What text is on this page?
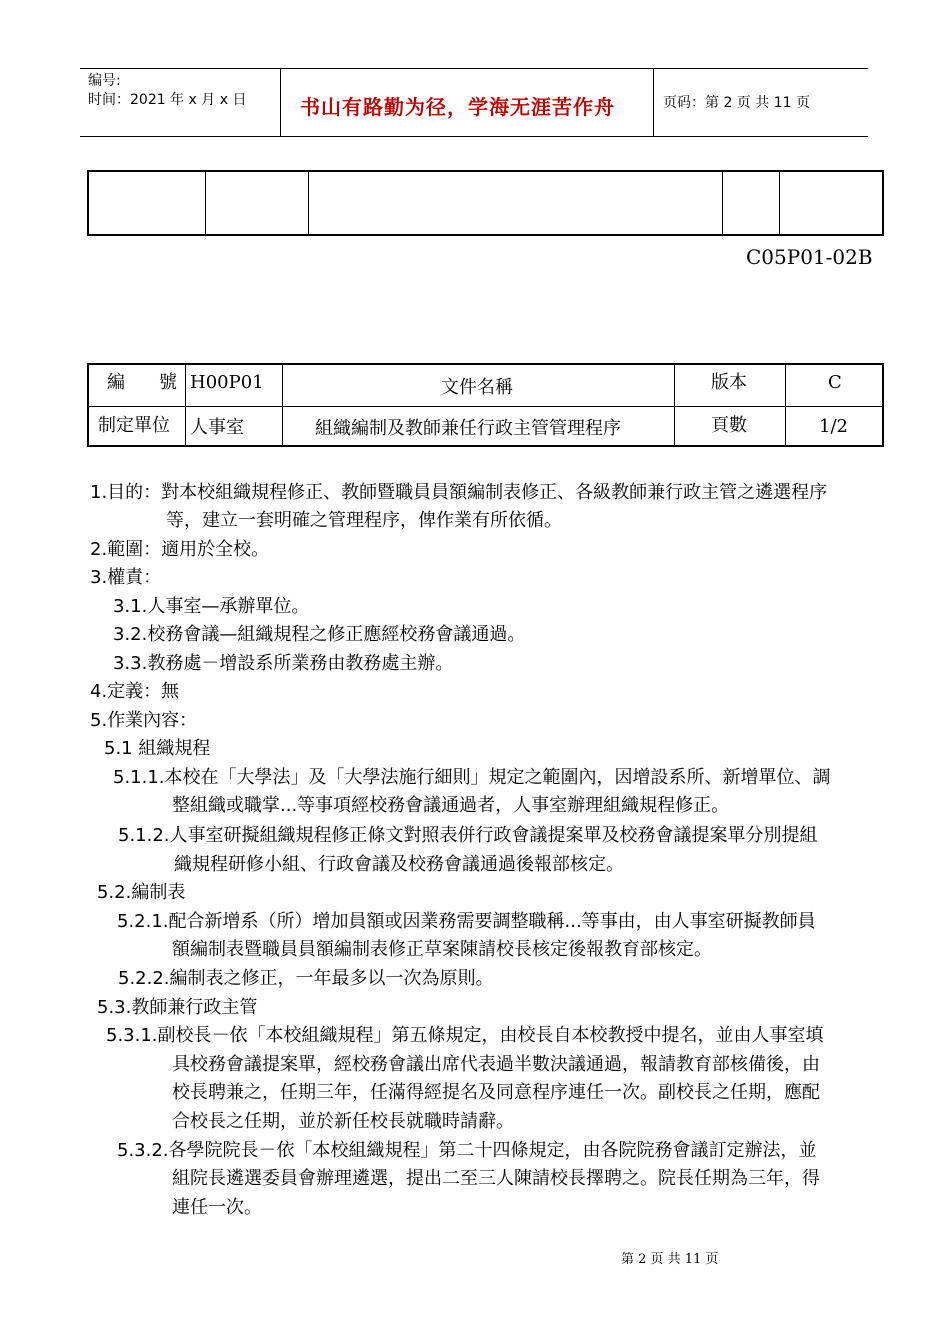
编号:
时间：2021 年 x 月 x 日	书山有路勤为径，学海无涯苦作舟	页码：第 2 页 共 11 页
C05P01-02B
編　號 H00P01	文件名稱	版本	C
制定單位 人事室	組織編制及教師兼任行政主管管理程序	頁數	1/2
1.目的：對本校組織規程修正、教師暨職員員額編制表修正、各級教師兼行政主管之遴選程序
等，建立一套明確之管理程序，俾作業有所依循。
2.範圍：適用於全校。
3.權責：
3.1.人事室—承辦單位。
3.2.校務會議—組織規程之修正應經校務會議通過。
3.3.教務處－增設系所業務由教務處主辦。
4.定義：無
5.作業內容：
5.1 組織規程
5.1.1.本校在「大學法」及「大學法施行細則」規定之範圍內，因增設系所、新增單位、調
整組織或職掌...等事項經校務會議通過者，人事室辦理組織規程修正。
5.1.2.人事室研擬組織規程修正條文對照表併行政會議提案單及校務會議提案單分別提組
織規程研修小組、行政會議及校務會議通過後報部核定。
5.2.編制表
5.2.1.配合新增系（所）增加員額或因業務需要調整職稱...等事由，由人事室研擬教師員
額編制表暨職員員額編制表修正草案陳請校長核定後報教育部核定。
5.2.2.編制表之修正，一年最多以一次為原則。
5.3.教師兼行政主管
5.3.1.副校長－依「本校組織規程」第五條規定，由校長自本校教授中提名，並由人事室填
具校務會議提案單，經校務會議出席代表過半數決議通過，報請教育部核備後，由
校長聘兼之，任期三年，任滿得經提名及同意程序連任一次。副校長之任期，應配
合校長之任期，並於新任校長就職時請辭。
5.3.2.各學院院長－依「本校組織規程」第二十四條規定，由各院院務會議訂定辦法，並
組院長遴選委員會辦理遴選，提出二至三人陳請校長擇聘之。院長任期為三年，得
連任一次。
第 2 页 共 11 页
